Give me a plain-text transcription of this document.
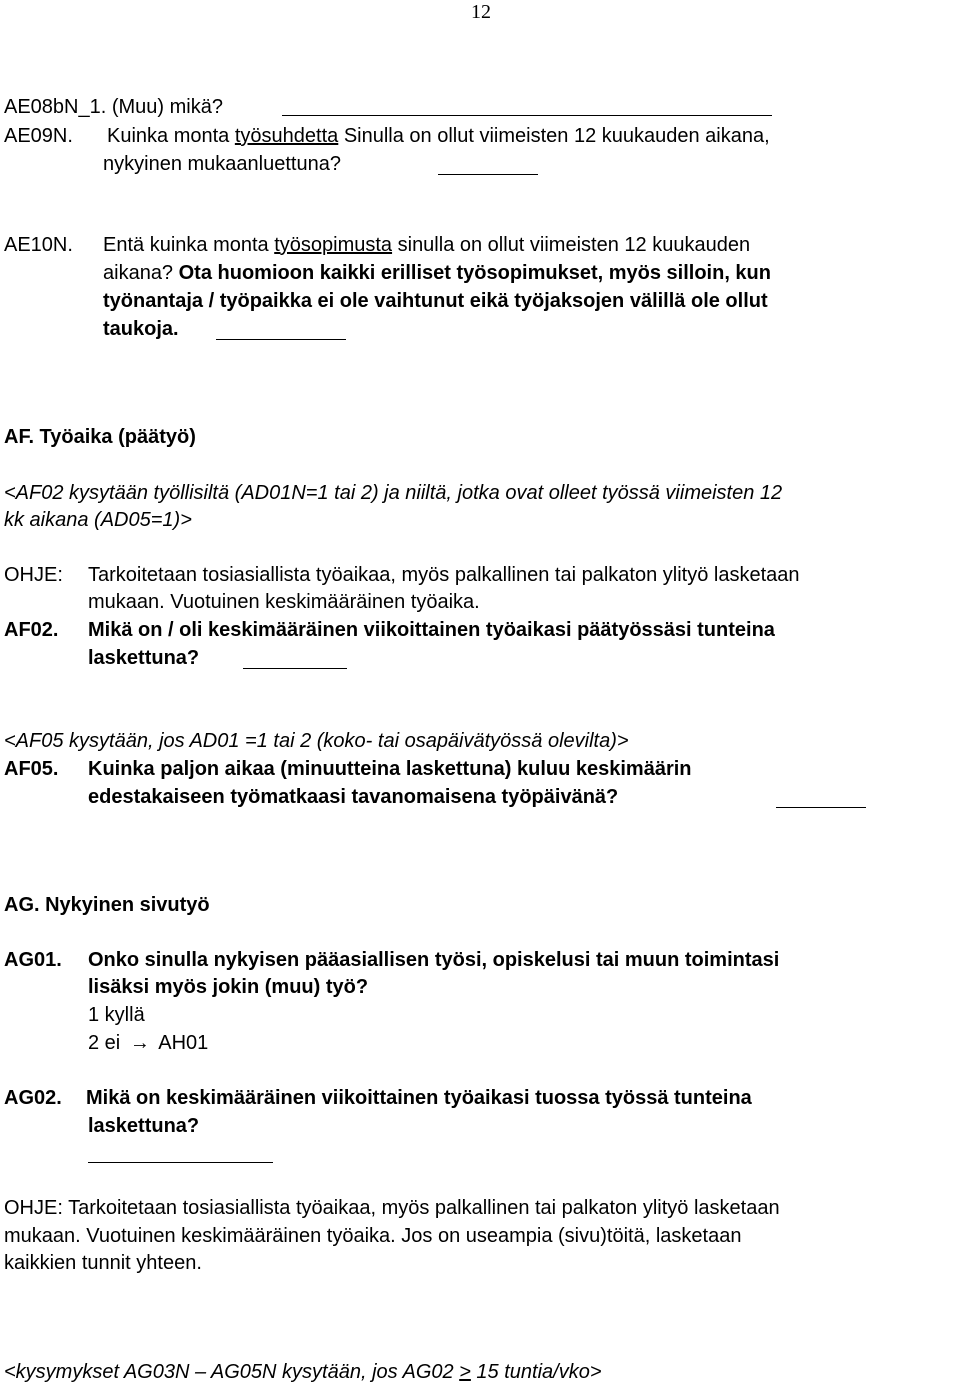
12
AE08bN_1. (Muu) mikä?
AE09N. Kuinka monta työsuhdetta Sinulla on ollut viimeisten 12 kuukauden aikana,
nykyinen mukaanluettuna?
AE10N. Entä kuinka monta työsopimusta sinulla on ollut viimeisten 12 kuukauden
aikana? Ota huomioon kaikki erilliset työsopimukset, myös silloin, kun
työnantaja / työpaikka ei ole vaihtunut eikä työjaksojen välillä ole ollut
taukoja.
AF. Työaika (päätyö)
<AF02 kysytään työllisiltä (AD01N=1 tai 2) ja niiltä, jotka ovat olleet työssä viimeisten 12
kk aikana (AD05=1)>
OHJE: Tarkoitetaan tosiasiallista työaikaa, myös palkallinen tai palkaton ylityö lasketaan
mukaan. Vuotuinen keskimääräinen työaika.
AF02. Mikä on / oli keskimääräinen viikoittainen työaikasi päätyössäsi tunteina
laskettuna?
<AF05 kysytään, jos AD01 =1 tai 2 (koko- tai osapäivätyössä olevilta)>
AF05. Kuinka paljon aikaa (minuutteina laskettuna) kuluu keskimäärin
edestakaiseen työmatkaasi tavanomaisena työpäivänä?
AG. Nykyinen sivutyö
AG01. Onko sinulla nykyisen pääasiallisen työsi, opiskelusi tai muun toimintasi
lisäksi myös jokin (muu) työ?
1 kyllä
2 ei → AH01
AG02. Mikä on keskimääräinen viikoittainen työaikasi tuossa työssä tunteina
laskettuna?
OHJE: Tarkoitetaan tosiasiallista työaikaa, myös palkallinen tai palkaton ylityö lasketaan
mukaan. Vuotuinen keskimääräinen työaika. Jos on useampia (sivu)töitä, lasketaan
kaikkien tunnit yhteen.
<kysymykset AG03N – AG05N kysytään, jos AG02 > 15 tuntia/vko>
